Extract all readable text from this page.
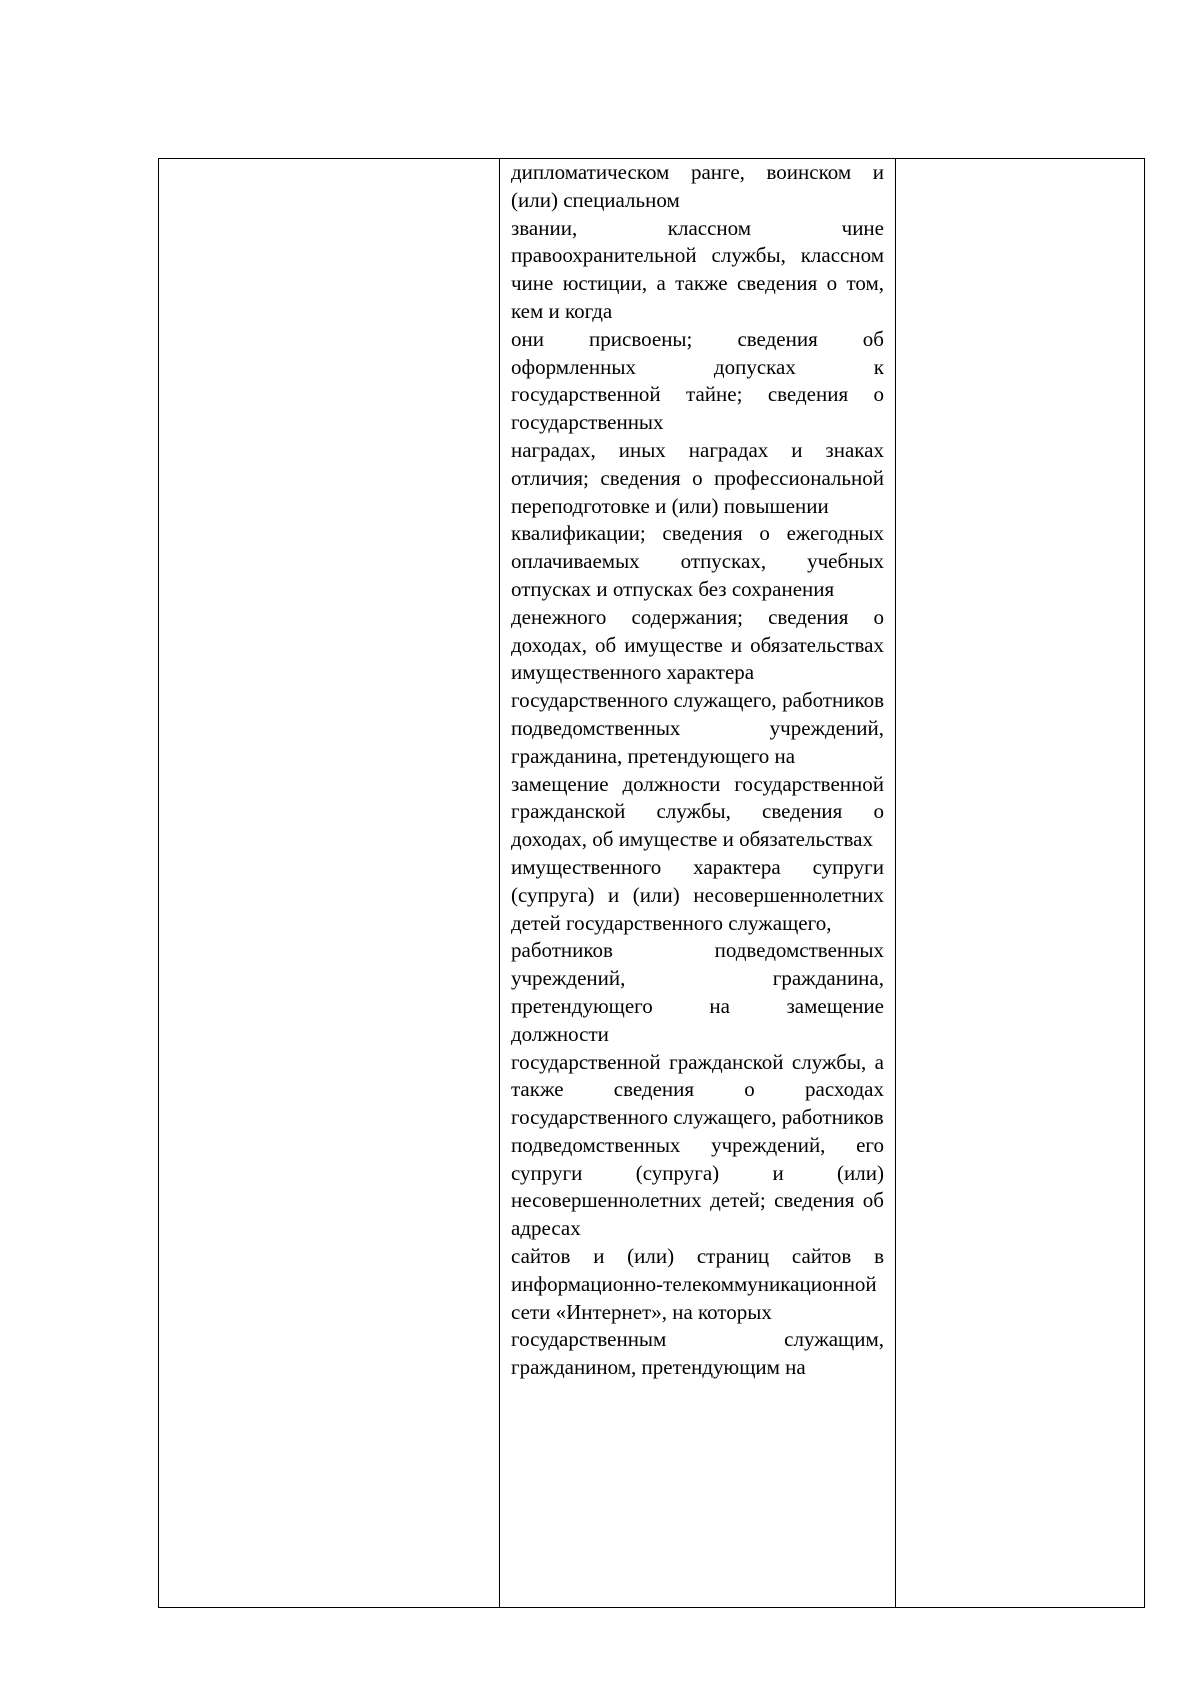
дипломатическом ранге, воинском и (или) специальном

звании, классном чине правоохранительной службы, классном чине юстиции, а также сведения о том, кем и когда

они присвоены; сведения об оформленных допусках к государственной тайне; сведения о государственных

наградах, иных наградах и знаках отличия; сведения о профессиональной переподготовке и (или) повышении

квалификации; сведения о ежегодных оплачиваемых отпусках, учебных отпусках и отпусках без сохранения

денежного содержания; сведения о доходах, об имуществе и обязательствах имущественного характера

государственного служащего, работников подведомственных учреждений, гражданина, претендующего на

замещение должности государственной гражданской службы, сведения о доходах, об имуществе и обязательствах

имущественного характера супруги (супруга) и (или) несовершеннолетних детей государственного служащего,

работников подведомственных учреждений, гражданина, претендующего на замещение должности

государственной гражданской службы, а также сведения о расходах государственного служащего, работников

подведомственных учреждений, его супруги (супруга) и (или) несовершеннолетних детей; сведения об адресах

сайтов и (или) страниц сайтов в информационно-телекоммуникационной сети «Интернет», на которых

государственным служащим, гражданином, претендующим на
